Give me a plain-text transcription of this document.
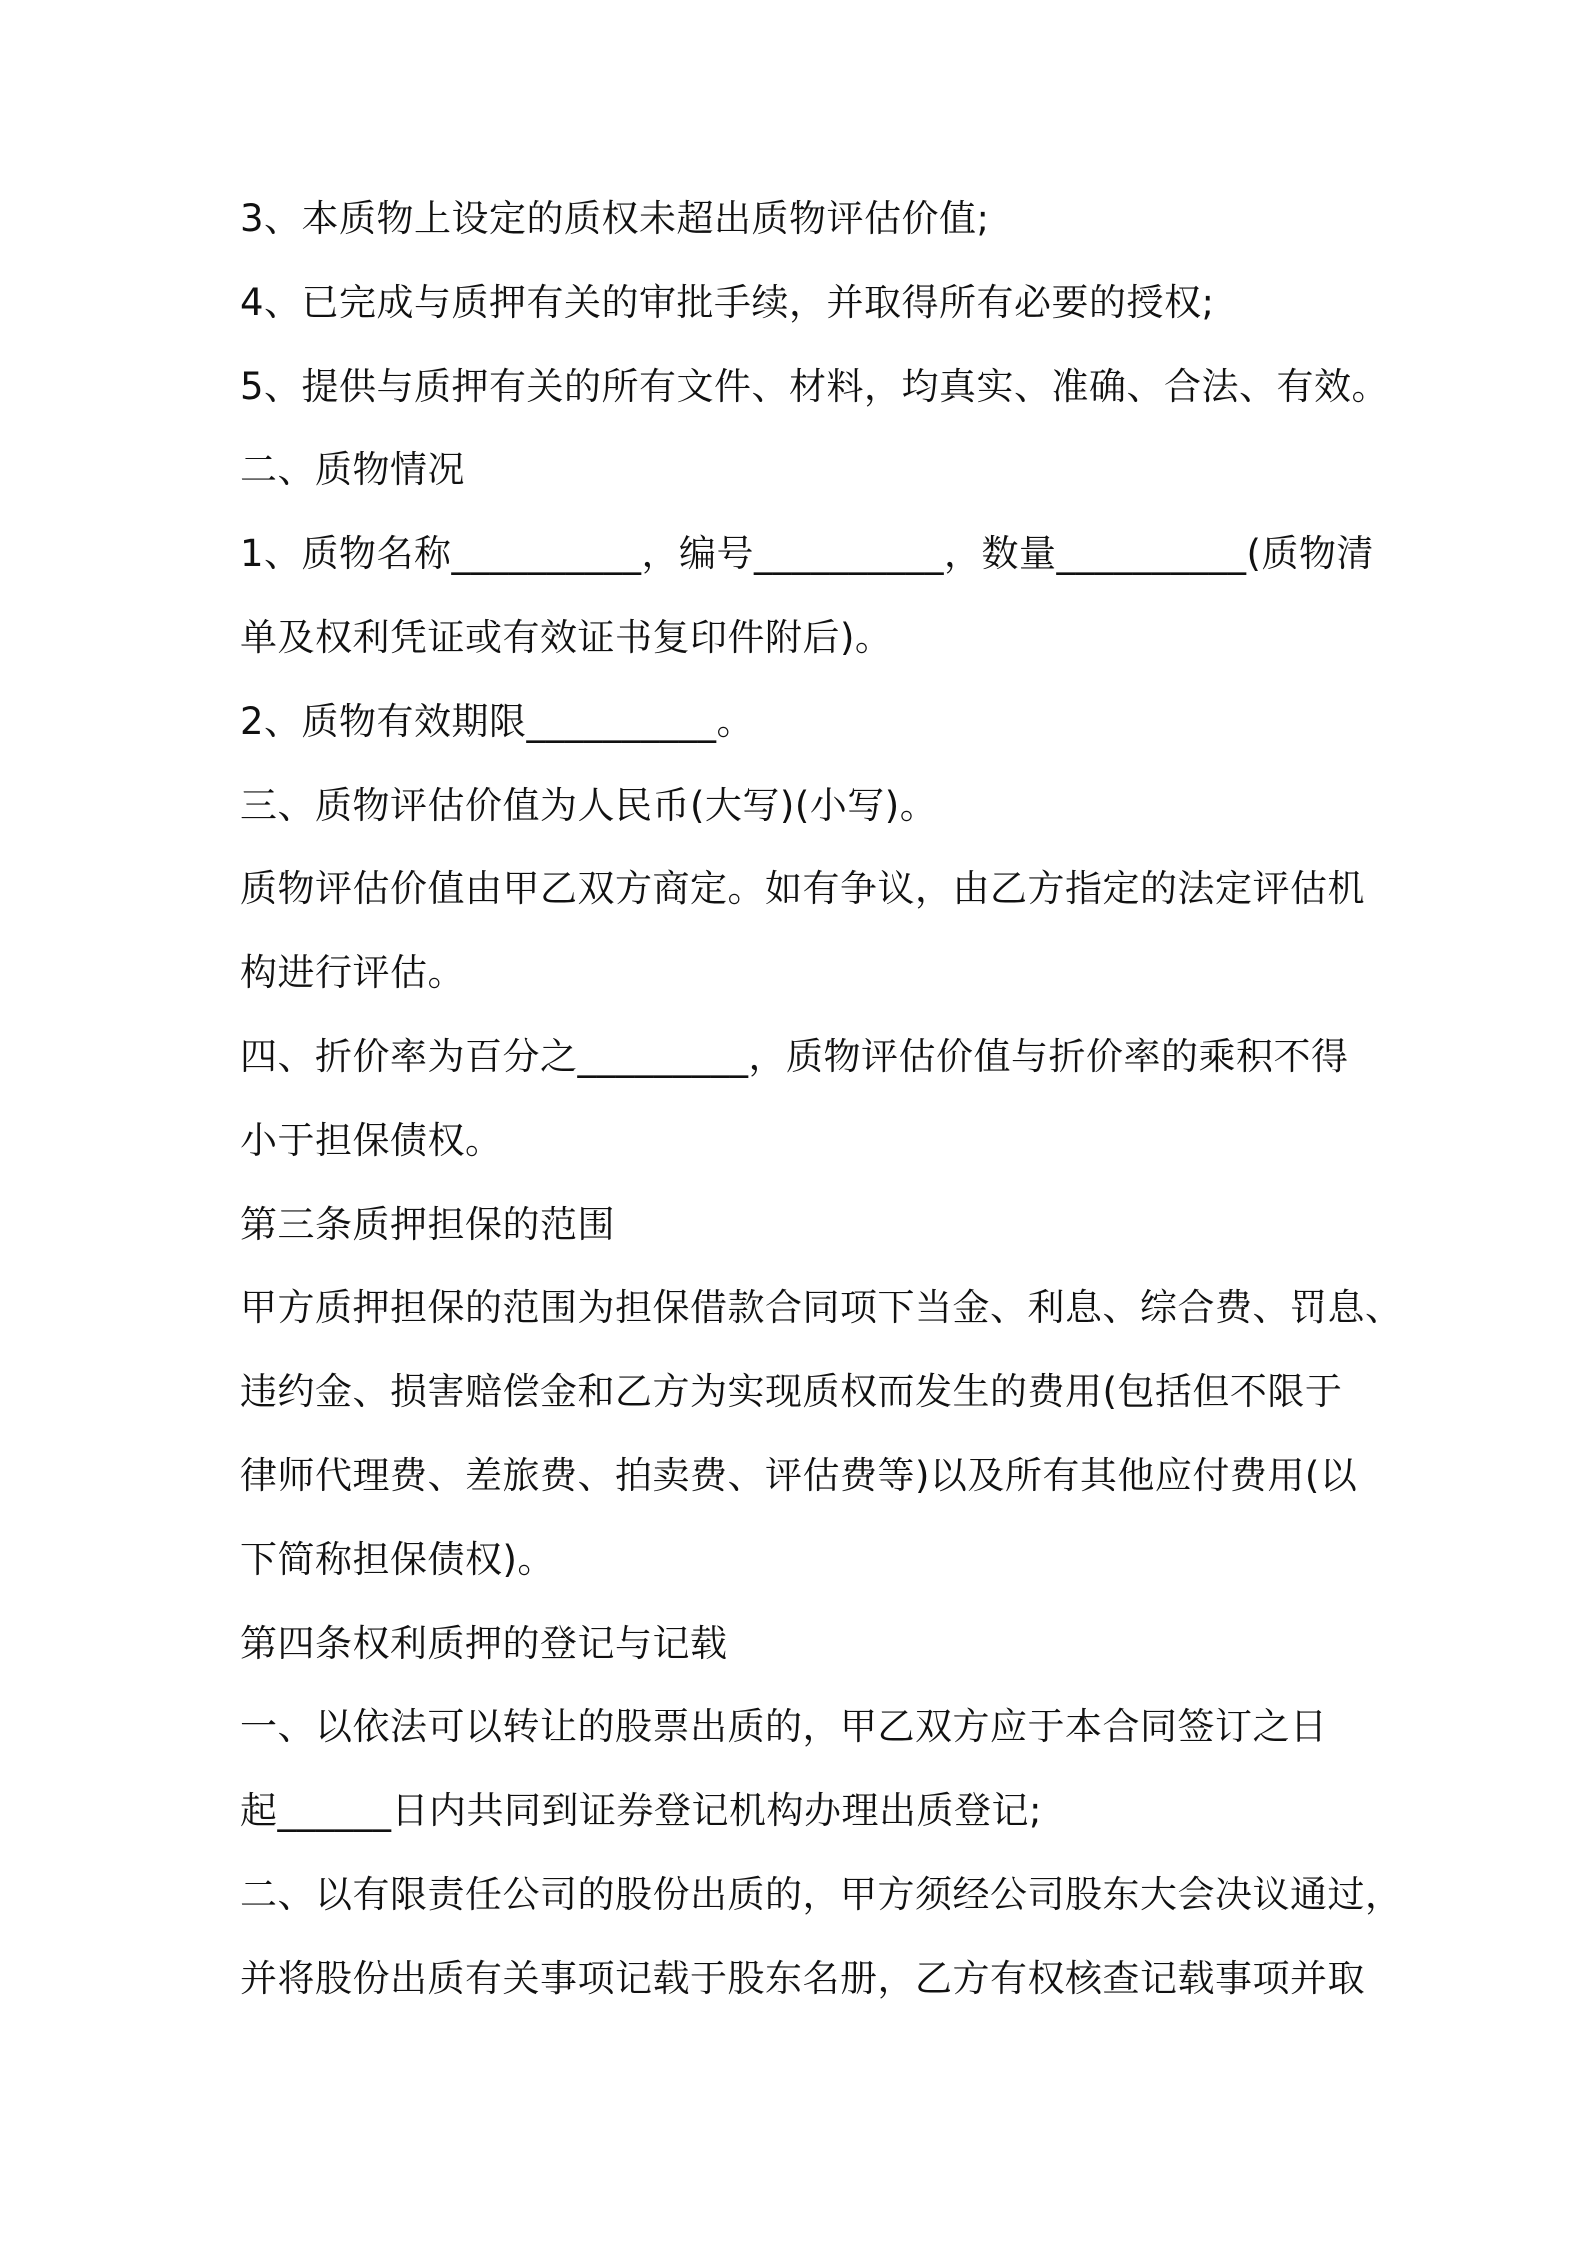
3、本质物上设定的质权未超出质物评估价值;
4、已完成与质押有关的审批手续，并取得所有必要的授权;
5、提供与质押有关的所有文件、材料，均真实、准确、合法、有效。
二、质物情况
1、质物名称__________，编号__________，数量__________(质物清
单及权利凭证或有效证书复印件附后)。
2、质物有效期限__________。
三、质物评估价值为人民币(大写)(小写)。
质物评估价值由甲乙双方商定。如有争议，由乙方指定的法定评估机
构进行评估。
四、折价率为百分之_________，质物评估价值与折价率的乘积不得
小于担保债权。
第三条质押担保的范围
甲方质押担保的范围为担保借款合同项下当金、利息、综合费、罚息、
违约金、损害赔偿金和乙方为实现质权而发生的费用(包括但不限于
律师代理费、差旅费、拍卖费、评估费等)以及所有其他应付费用(以
下简称担保债权)。
第四条权利质押的登记与记载
一、以依法可以转让的股票出质的，甲乙双方应于本合同签订之日
起______日内共同到证券登记机构办理出质登记;
二、以有限责任公司的股份出质的，甲方须经公司股东大会决议通过，
并将股份出质有关事项记载于股东名册，乙方有权核查记载事项并取
